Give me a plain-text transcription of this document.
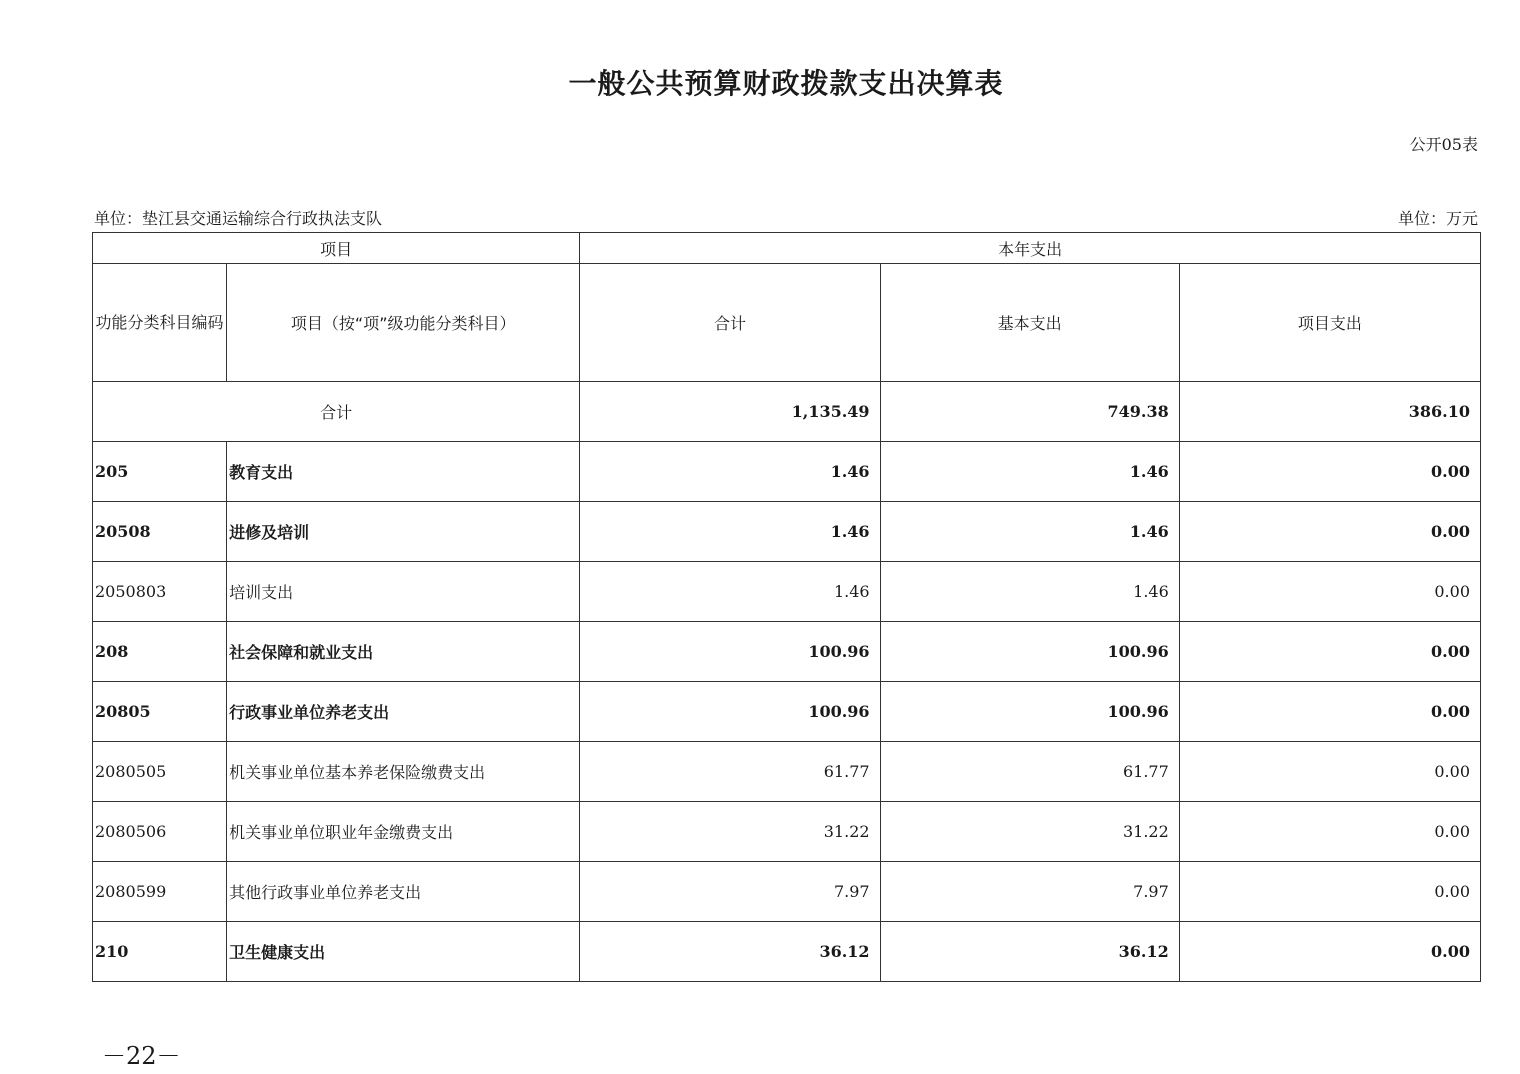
一般公共预算财政拨款支出决算表
公开05表
单位：垫江县交通运输综合行政执法支队	单位：万元
项目		本年支出		
功能分类科目编码	项目（按“项”级功能分类科目）	合计	基本支出	项目支出
合计		1,135.49	749.38	386.10
205	教育支出	1.46	1.46	0.00
20508	进修及培训	1.46	1.46	0.00
2050803	培训支出	1.46	1.46	0.00
208	社会保障和就业支出	100.96	100.96	0.00
20805	行政事业单位养老支出	100.96	100.96	0.00
2080505	机关事业单位基本养老保险缴费支出	61.77	61.77	0.00
2080506	机关事业单位职业年金缴费支出	31.22	31.22	0.00
2080599	其他行政事业单位养老支出	7.97	7.97	0.00
210	卫生健康支出	36.12	36.12	0.00
－22－
